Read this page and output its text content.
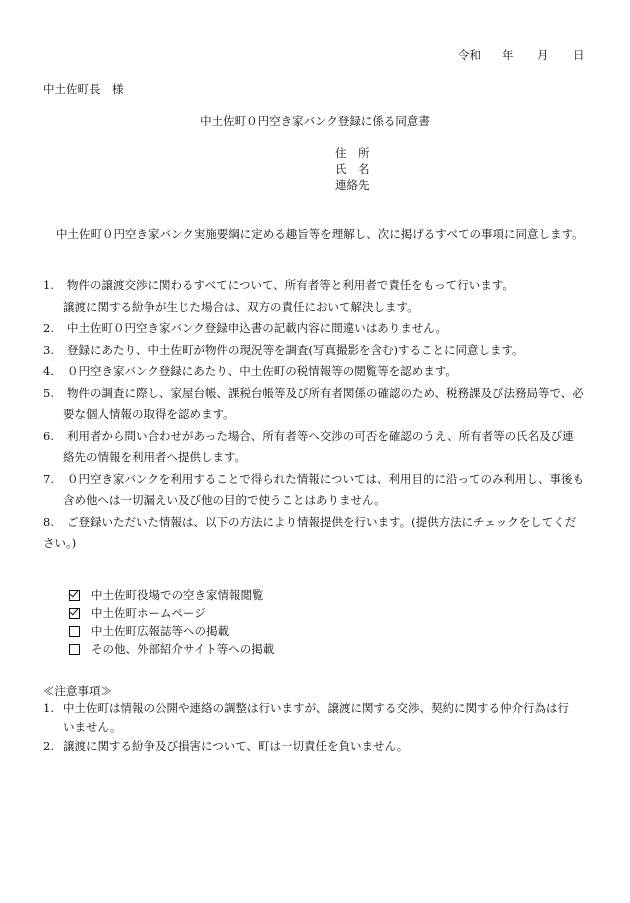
令和	年	月	日
中土佐町長　様
中土佐町０円空き家バンク登録に係る同意書
住　所
氏　名
連絡先
中土佐町０円空き家バンク実施要綱に定める趣旨等を理解し、次に掲げるすべての事項に同意します。
1.	物件の譲渡交渉に関わるすべてについて、所有者等と利用者で責任をもって行います。
譲渡に関する紛争が生じた場合は、双方の責任において解決します。
2.	中土佐町０円空き家バンク登録申込書の記載内容に間違いはありません。
3.	登録にあたり、中土佐町が物件の現況等を調査(写真撮影を含む)することに同意します。
4.	０円空き家バンク登録にあたり、中土佐町の税情報等の閲覧等を認めます。
5.	物件の調査に際し、家屋台帳、課税台帳等及び所有者関係の確認のため、税務課及び法務局等で、必
要な個人情報の取得を認めます。
6.	利用者から問い合わせがあった場合、所有者等へ交渉の可否を確認のうえ、所有者等の氏名及び連
絡先の情報を利用者へ提供します。
7.	０円空き家バンクを利用することで得られた情報については、利用目的に沿ってのみ利用し、事後も
含め他へは一切漏えい及び他の目的で使うことはありません。
8.	ご登録いただいた情報は、以下の方法により情報提供を行います。(提供方法にチェックをしてくだ
さい。)
中土佐町役場での空き家情報閲覧
中土佐町ホームページ
中土佐町広報誌等への掲載
その他、外部紹介サイト等への掲載
≪注意事項≫
1. 中土佐町は情報の公開や連絡の調整は行いますが、譲渡に関する交渉、契約に関する仲介行為は行
いません。
2. 譲渡に関する紛争及び損害について、町は一切責任を負いません。
